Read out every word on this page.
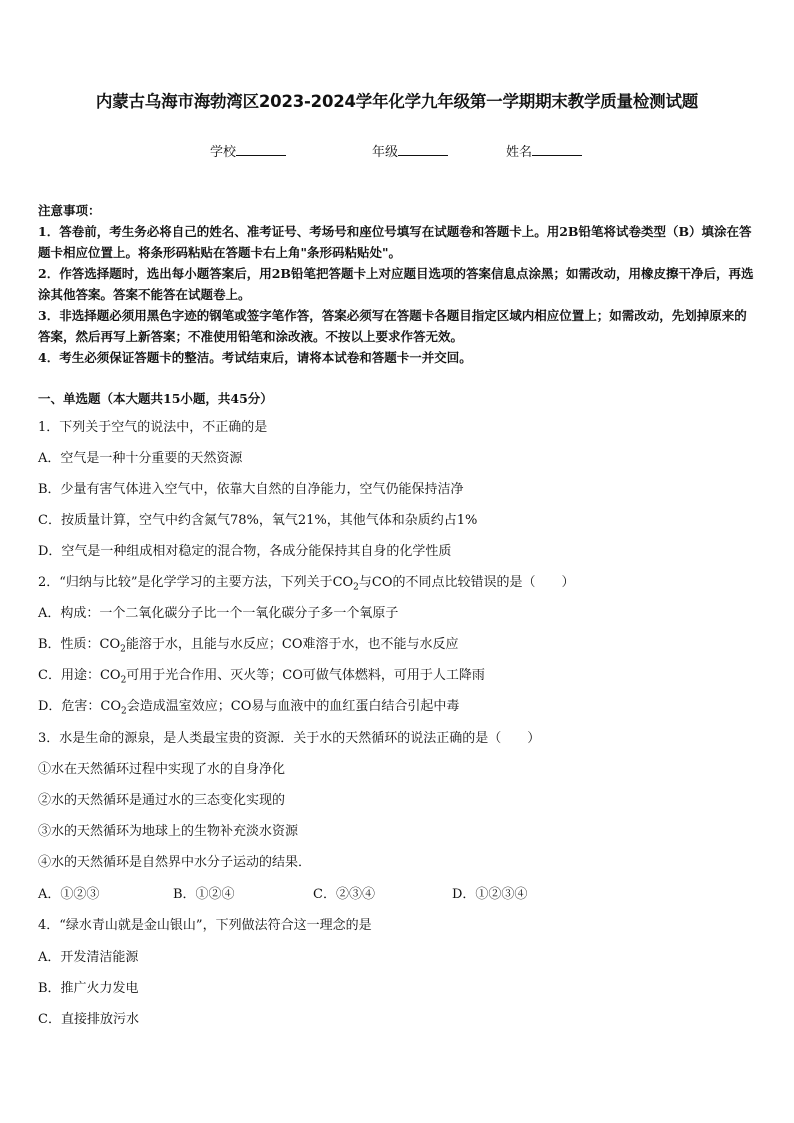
内蒙古乌海市海勃湾区2023-2024学年化学九年级第一学期期末教学质量检测试题
学校	年级	姓名

注意事项：

1．答卷前，考生务必将自己的姓名、准考证号、考场号和座位号填写在试题卷和答题卡上。用2B铅笔将试卷类型（B）填涂在答题卡相应位置上。将条形码粘贴在答题卡右上角"条形码粘贴处"。

2．作答选择题时，选出每小题答案后，用2B铅笔把答题卡上对应题目选项的答案信息点涂黑；如需改动，用橡皮擦干净后，再选涂其他答案。答案不能答在试题卷上。

3．非选择题必须用黑色字迹的钢笔或签字笔作答，答案必须写在答题卡各题目指定区域内相应位置上；如需改动，先划掉原来的答案，然后再写上新答案；不准使用铅笔和涂改液。不按以上要求作答无效。

4．考生必须保证答题卡的整洁。考试结束后，请将本试卷和答题卡一并交回。

一、单选题（本大题共15小题，共45分）
1．下列关于空气的说法中，不正确的是
A．空气是一种十分重要的天然资源
B．少量有害气体进入空气中，依靠大自然的自净能力，空气仍能保持洁净
C．按质量计算，空气中约含氮气78%，氧气21%，其他气体和杂质约占1%
D．空气是一种组成相对稳定的混合物，各成分能保持其自身的化学性质
2．“归纳与比较”是化学学习的主要方法，下列关于$CO_2$与CO的不同点比较错误的是（　　）
A．构成：一个二氧化碳分子比一个一氧化碳分子多一个氧原子
B．性质：$CO_2$能溶于水，且能与水反应；CO难溶于水，也不能与水反应
C．用途：$CO_2$可用于光合作用、灭火等；CO可做气体燃料，可用于人工降雨
D．危害：$CO_2$会造成温室效应；CO易与血液中的血红蛋白结合引起中毒
3．水是生命的源泉，是人类最宝贵的资源．关于水的天然循环的说法正确的是（　　）
①水在天然循环过程中实现了水的自身净化
②水的天然循环是通过水的三态变化实现的
③水的天然循环为地球上的生物补充淡水资源
④水的天然循环是自然界中水分子运动的结果．
A．①②③	B．①②④	C．②③④	D．①②③④
4．“绿水青山就是金山银山”，下列做法符合这一理念的是
A．开发清洁能源
B．推广火力发电
C．直接排放污水
